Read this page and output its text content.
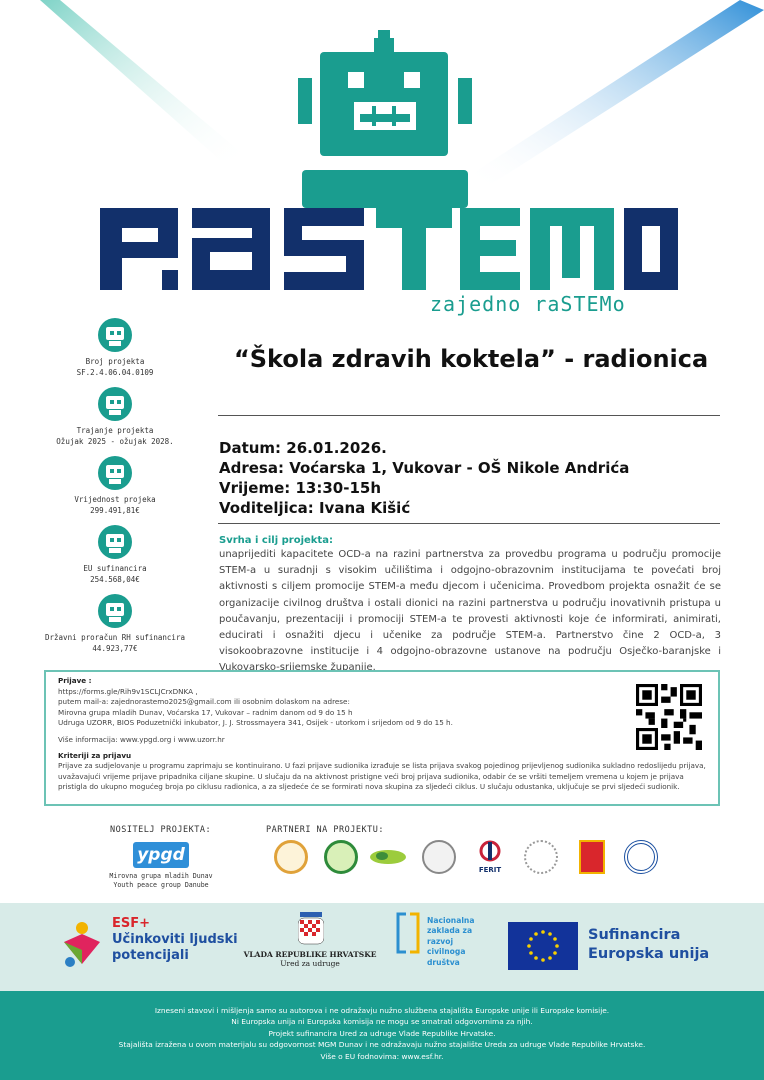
zajedno raSTEMo
Broj projekta
SF.2.4.06.04.0109
Trajanje projekta
Ožujak 2025 - ožujak 2028.
Vrijednost projeka
299.491,81€
EU sufinancira
254.568,04€
Državni proračun RH sufinancira
44.923,77€
“Škola zdravih koktela” - radionica
Datum: 26.01.2026.
Adresa: Voćarska 1, Vukovar - OŠ Nikole Andrića
Vrijeme: 13:30-15h
Voditeljica: Ivana Kišić
Svrha i cilj projekta:
unaprijediti kapacitete OCD-a na razini partnerstva za provedbu programa u području promocije STEM-a u suradnji s visokim učilištima i odgojno-obrazovnim institucijama te povećati broj aktivnosti s ciljem promocije STEM-a među djecom i učenicima. Provedbom projekta osnažit će se organizacije civilnog društva i ostali dionici na razini partnerstva u području inovativnih pristupa u poučavanju, prezentaciji i promociji STEM-a te provesti aktivnosti koje će informirati, animirati, educirati i osnažiti djecu i učenike za područje STEM-a. Partnerstvo čine 2 OCD-a, 3 visokoobrazovne institucije i 4 odgojno-obrazovne ustanove na području Osječko-baranjske i Vukovarsko-srijemske županije.
Prijave :
https://forms.gle/Rih9v1SCLJCrxDNKA ,
putem mail-a: zajednorastemo2025@gmail.com ili osobnim dolaskom na adrese:
Mirovna grupa mladih Dunav, Voćarska 17, Vukovar – radnim danom od 9 do 15 h
Udruga UZORR, BIOS Poduzetnički inkubator, J. J. Strossmayera 341, Osijek - utorkom i srijedom od 9 do 15 h.
Više informacija: www.ypgd.org i www.uzorr.hr
Kriteriji za prijavu
Prijave za sudjelovanje u programu zaprimaju se kontinuirano. U fazi prijave sudionika izrađuje se lista prijava svakog pojedinog prijevljenog sudionika sukladno redoslijedu prijava, uvažavajući vrijeme prijave pripadnika ciljane skupine. U slučaju da na aktivnost pristigne veći broj prijava sudionika, odabir će se vršiti temeljem vremena u kojem je prijava pristigla do ukupno mogućeg broja po ciklusu radionica, a za sljedeće će se formirati nova skupina za sljedeći ciklus. U slučaju odustanka, uključuje se prvi sljedeći sudionik.
NOSITELJ PROJEKTA:
ypgd
Mirovna grupa mladih Dunav
Youth peace group Danube
PARTNERI NA PROJEKTU:
FERIT
ESF+
Učinkoviti ljudski
potencijali	VLADA REPUBLIKE HRVATSKE
Ured za udruge
Nacionalna
zaklada za
razvoj
civilnoga
društva
Sufinancira
Europska unija
Izneseni stavovi i mišljenja samo su autorova i ne odražavju nužno službena stajališta Europske unije ili Europske komisije.
Ni Europska unija ni Europska komisija ne mogu se smatrati odgovornima za njih.
Projekt sufinancira Ured za udruge Vlade Republike Hrvatske.
Stajališta izražena u ovom materijalu su odgovornost MGM Dunav i ne odražavaju nužno stajalište Ureda za udruge Vlade Republike Hrvatske.
Više o EU fodnovima: www.esf.hr.
